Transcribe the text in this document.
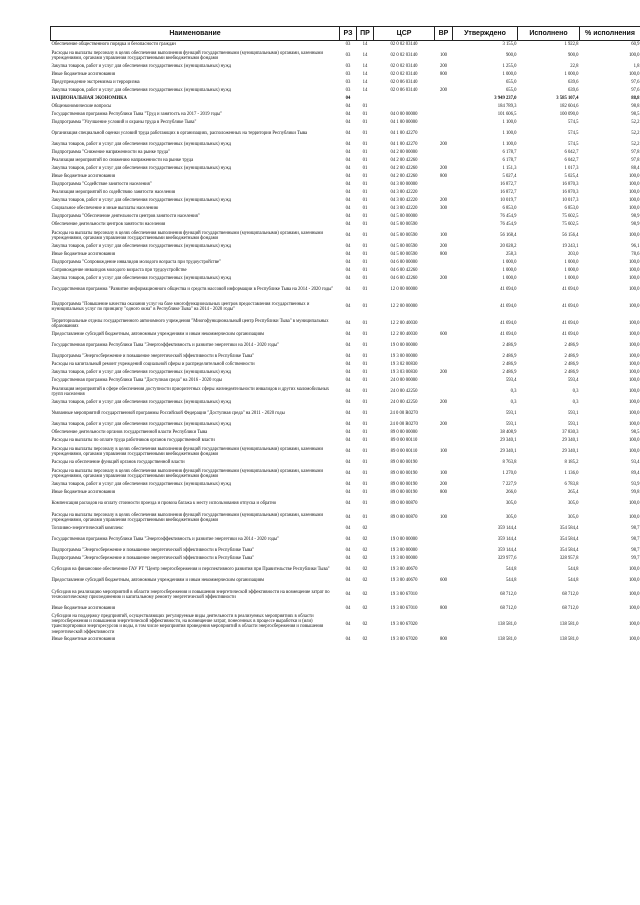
Наименование	РЗ	ПР	ЦСР	ВР	Утверждено	Исполнено	% исполнения
Обеспечение общественного порядка и безопасности граждан	03	14	02 0 02 03140		3 155,0	1 922,8	60,9
Расходы на выплаты персоналу в целях обеспечения выполнения функций государственными (муниципальными) органами, казенными учреждениями, органами управления государственными внебюджетными фондами	03	14	02 0 02 03140	100	900,0	900,0	100,0
Закупка товаров, работ и услуг для обеспечения государственных (муниципальных) нужд	03	14	02 0 02 03140	200	1 255,0	22,8	1,8
Иные бюджетные ассигнования	03	14	02 0 02 03140	800	1 000,0	1 000,0	100,0
Предупреждение экстремизма и терроризма	03	14	02 0 06 03140		655,0	639,6	97,6
Закупка товаров, работ и услуг для обеспечения государственных (муниципальных) нужд	03	14	02 0 06 03140	200	655,0	639,6	97,6
НАЦИОНАЛЬНАЯ ЭКОНОМИКА	04				3 949 237,0	3 585 107,4	88,8
Общеэкономические вопросы	04	01			184 789,3	182 604,6	98,8
Государственная программа Республики Тыва "Труд и занятость на 2017 - 2019 годы"	04	01	04 0 00 00000		101 606,5	100 090,0	98,5
Подпрограмма "Улучшение условий и охраны труда в Республике Тыва"	04	01	04 1 00 00000		1 100,0	574,5	52,2
Организация специальной оценки условий труда работающих в организациях, расположенных на территории Республики Тыва	04	01	04 1 00 42270		1 100,0	574,5	52,2
Закупка товаров, работ и услуг для обеспечения государственных (муниципальных) нужд	04	01	04 1 00 42270	200	1 100,0	574,5	52,2
Подпрограмма "Снижение напряженности на рынке труда"	04	01	04 2 00 00000		6 178,7	6 042,7	97,8
Реализация мероприятий по снижению напряженности на рынке труда	04	01	04 2 00 42260		6 178,7	6 042,7	97,8
Закупка товаров, работ и услуг для обеспечения государственных (муниципальных) нужд	04	01	04 2 00 42260	200	1 151,3	1 017,3	88,4
Иные бюджетные ассигнования	04	01	04 2 00 42260	800	5 027,4	5 025,4	100,0
Подпрограмма "Содействие занятости населения"	04	01	04 3 00 00000		16 872,7	16 870,3	100,0
Реализация мероприятий по содействию занятости населения	04	01	04 3 00 42220		16 872,7	16 870,3	100,0
Закупка товаров, работ и услуг для обеспечения государственных (муниципальных) нужд	04	01	04 3 00 42220	200	10 019,7	10 017,3	100,0
Социальное обеспечение и иные выплаты населению	04	01	04 3 00 42220	300	6 853,0	6 853,0	100,0
Подпрограмма "Обеспечение деятельности центров занятости населения"	04	01	04 5 00 00000		76 454,9	75 602,5	98,9
Обеспечение деятельности центров занятости населения	04	01	04 5 00 00590		76 454,9	75 602,5	98,9
Расходы на выплаты персоналу в целях обеспечения выполнения функций государственными (муниципальными) органами, казенными учреждениями, органами управления государственными внебюджетными фондами	04	01	04 5 00 00590	100	56 168,4	56 156,4	100,0
Закупка товаров, работ и услуг для обеспечения государственных (муниципальных) нужд	04	01	04 5 00 00590	200	20 028,2	19 243,1	96,1
Иные бюджетные ассигнования	04	01	04 5 00 00590	800	258,3	203,0	78,6
Подпрограмма "Сопровождение инвалидов молодого возраста при трудоустройстве"	04	01	04 6 00 00000		1 000,0	1 000,0	100,0
Сопровождение инвалидов молодого возраста при трудоустройстве	04	01	04 6 00 42260		1 000,0	1 000,0	100,0
Закупка товаров, работ и услуг для обеспечения государственных (муниципальных) нужд	04	01	04 6 00 42260	200	1 000,0	1 000,0	100,0
Государственная программа "Развитие информационного общества и средств массовой информации в Республике Тыва на 2014 - 2020 годы"	04	01	12 0 00 00000		41 694,0	41 694,0	100,0
Подпрограмма "Повышение качества оказания услуг на базе многофункциональных центров предоставления государственных и муниципальных услуг по принципу "одного окна" в Республике Тыва" на 2014 - 2020 годы"	04	01	12 2 00 00000		41 694,0	41 694,0	100,0
Территориальные отделы государственного автономного учреждения "Многофункциональный центр Республики Тыва" в муниципальных образованиях	04	01	12 2 00 40030		41 694,0	41 694,0	100,0
Предоставление субсидий бюджетным, автономным учреждениям и иным некоммерческим организациям	04	01	12 2 00 40030	600	41 694,0	41 694,0	100,0
Государственная программа Республики Тыва "Энергоэффективность и развитие энергетики на 2014 - 2020 годы"	04	01	19 0 00 00000		2 486,9	2 486,9	100,0
Подпрограмма "Энергосбережение и повышение энергетической эффективности в Республике Тыва"	04	01	19 3 00 00000		2 486,9	2 486,9	100,0
Расходы на капитальный ремонт учреждений социальной сферы и распределительной собственности	04	01	19 3 02 00830		2 486,9	2 486,9	100,0
Закупка товаров, работ и услуг для обеспечения государственных (муниципальных) нужд	04	01	19 3 03 00830	200	2 486,9	2 486,9	100,0
Государственная программа Республики Тыва "Доступная среда" на 2016 - 2020 годы	04	01	24 0 00 00000		593,4	593,4	100,0
Реализация мероприятий в сфере обеспечения доступности приоритетных сферы жизнедеятельности инвалидов и других маломобильных групп населения	04	01	24 0 00 42250		0,3	0,3	100,0
Закупка товаров, работ и услуг для обеспечения государственных (муниципальных) нужд	04	01	24 0 00 42250	200	0,3	0,3	100,0
Увязанные мероприятий государственной программы Российской Федерации "Доступная среда" на 2011 - 2020 годы	04	01	24 0 00 R0270		593,1	593,1	100,0
Закупка товаров, работ и услуг для обеспечения государственных (муниципальных) нужд	04	01	24 0 00 R0270	200	593,1	593,1	100,0
Обеспечение деятельности органов государственной власти Республики Тыва	04	01	89 0 00 00000		38 408,9	37 830,3	98,5
Расходы на выплаты по оплате труда работников органов государственной власти	04	01	89 0 00 00110		29 340,1	29 340,1	100,0
Расходы на выплаты персоналу в целях обеспечения выполнения функций государственными (муниципальными) органами, казенными учреждениями, органами управления государственными внебюджетными фондами	04	01	89 0 00 00110	100	29 340,1	29 340,1	100,0
Расходы на обеспечение функций органов государственной власти	04	01	89 0 00 00190		8 763,8	8 185,2	93,4
Расходы на выплаты персоналу в целях обеспечения выполнения функций государственными (муниципальными) органами, казенными учреждениями, органами управления государственными внебюджетными фондами	04	01	89 0 00 00190	100	1 270,0	1 136,0	89,4
Закупка товаров, работ и услуг для обеспечения государственных (муниципальных) нужд	04	01	89 0 00 00190	200	7 227,9	6 783,8	93,9
Иные бюджетные ассигнования	04	01	89 0 00 00190	800	266,0	265,4	99,8
Компенсация расходов на оплату стоимости проезда и провоза багажа к месту использования отпуска и обратно	04	01	89 0 00 00870		305,0	305,0	100,0
Расходы на выплаты персоналу в целях обеспечения выполнения функций государственными (муниципальными) органами, казенными учреждениями, органами управления государственными внебюджетными фондами	04	01	89 0 00 00870	100	305,0	305,0	100,0
Топливно-энергетический комплекс	04	02			359 144,4	354 584,4	98,7
Государственная программа Республики Тыва "Энергоэффективность и развитие энергетики на 2014 - 2020 годы"	04	02	19 0 00 00000		359 144,4	354 584,4	98,7
Подпрограмма "Энергосбережение и повышение энергетической эффективности в Республике Тыва"	04	02	19 3 00 00000		359 144,4	354 584,4	98,7
Подпрограмма "Энергосбережение и повышение энергетической эффективности в Республике Тыва"	04	02	19 3 00 00000		329 977,6	328 957,8	99,7
Субсидия на финансовое обеспечение ГАУ РТ "Центр энергосбережения и перспективного развития при Правительстве Республики Тыва"	04	02	19 3 00 40670		544,8	544,8	100,0
Предоставление субсидий бюджетным, автономным учреждениям и иным некоммерческим организациям	04	02	19 3 00 40670	600	544,8	544,8	100,0
Субсидия на реализацию мероприятий в области энергосбережения и повышения энергетической эффективности на возмещение затрат по технологическому присоединению и капитальному ремонту энергетической эффективности	04	02	19 3 00 67010		68 712,0	68 712,0	100,0
Иные бюджетные ассигнования	04	02	19 3 00 67010	800	68 712,0	68 712,0	100,0
Субсидии на поддержку предприятий, осуществляющих регулируемые виды деятельности в реализуемых мероприятиях в области энергосбережения и повышения энергетической эффективности, на возмещение затрат, понесенных в процессе выработки и (или) транспортировки энергоресурсов и воды, в том числе мероприятия проведения мероприятий в области энергосбережения и повышения энергетической эффективности	04	02	19 3 00 67020		138 581,0	138 581,0	100,0
Иные бюджетные ассигнования	04	02	19 3 00 67020	800	138 581,0	138 581,0	100,0
